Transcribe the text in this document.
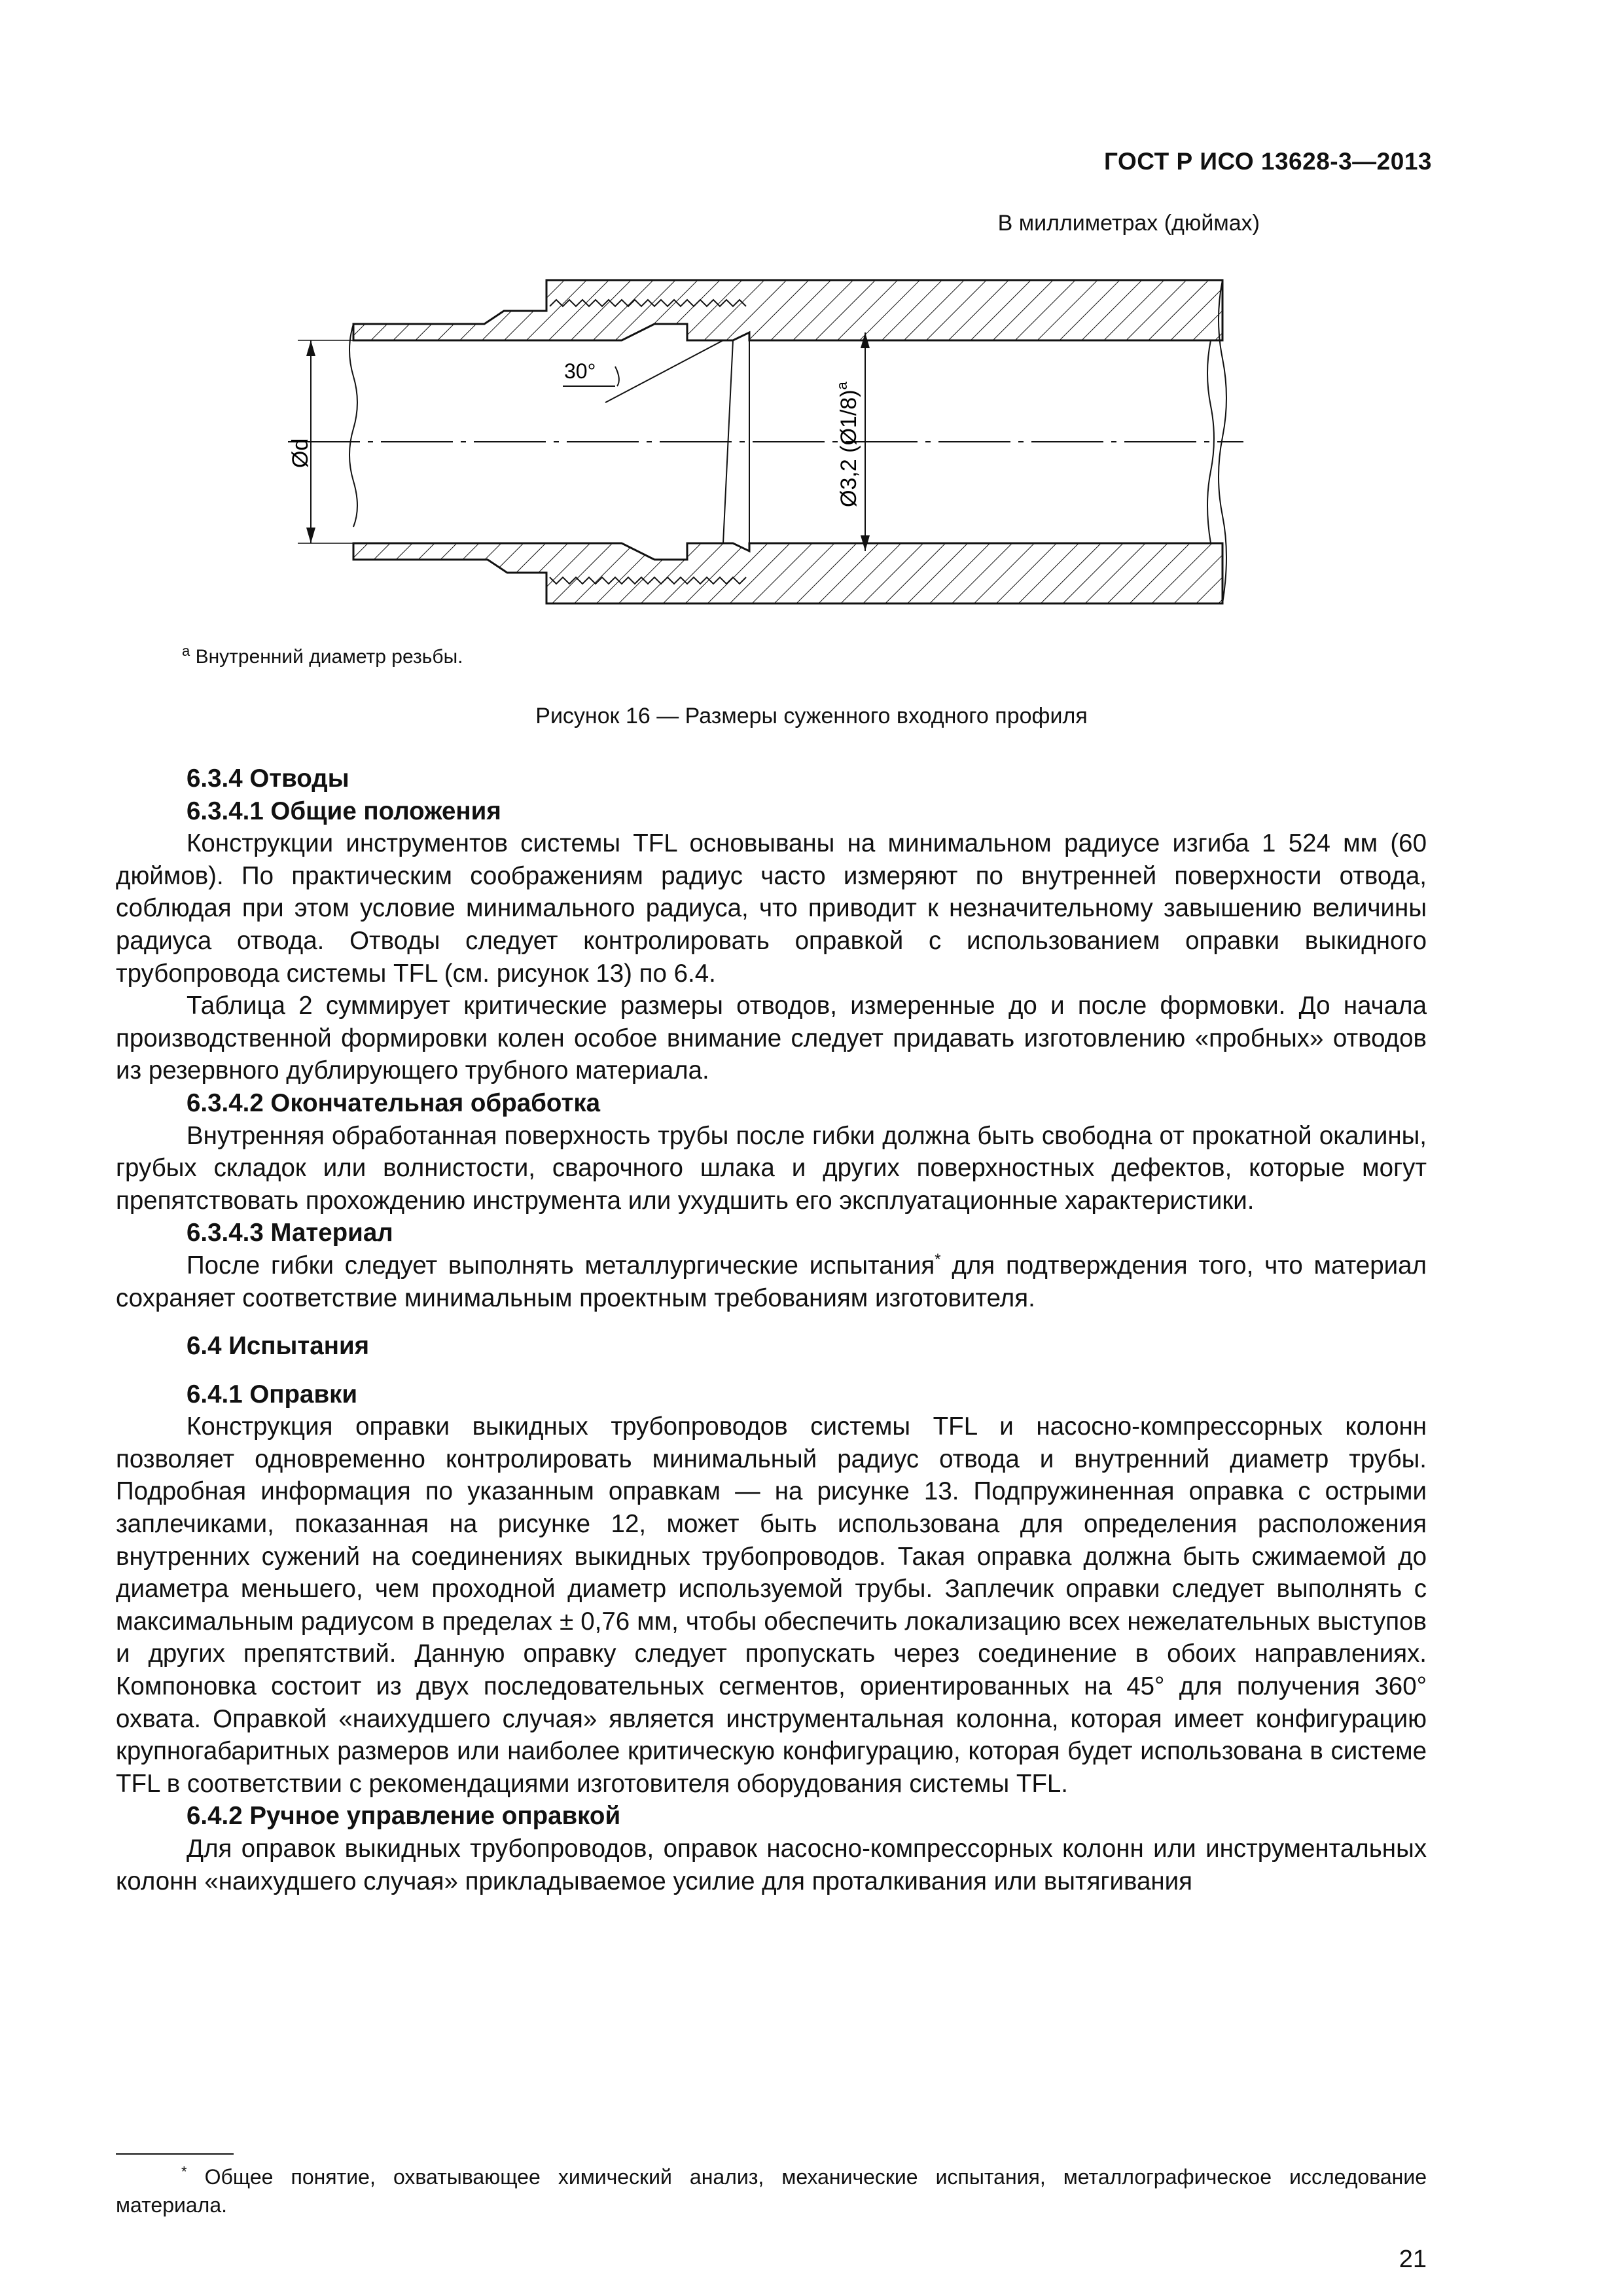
ГОСТ Р ИСО 13628-3—2013
В миллиметрах (дюймах)
Ød	Ø3,2 (Ø1/8)$^a$
30°
$^a$ Внутренний диаметр резьбы.
Рисунок 16 — Размеры суженного входного профиля
6.3.4 Отводы
6.3.4.1 Общие положения

Конструкции инструментов системы TFL основываны на минимальном радиусе изгиба 1 524 мм (60 дюймов). По практическим соображениям радиус часто измеряют по внутренней поверхности отвода, соблюдая при этом условие минимального радиуса, что приводит к незначительному завышению величины радиуса отвода. Отводы следует контролировать оправкой с использованием оправки выкидного трубопровода системы TFL (см. рисунок 13) по 6.4.

Таблица 2 суммирует критические размеры отводов, измеренные до и после формовки. До начала производственной формировки колен особое внимание следует придавать изготовлению «пробных» отводов из резервного дублирующего трубного материала.

6.3.4.2 Окончательная обработка

Внутренняя обработанная поверхность трубы после гибки должна быть свободна от прокатной окалины, грубых складок или волнистости, сварочного шлака и других поверхностных дефектов, которые могут препятствовать прохождению инструмента или ухудшить его эксплуатационные характеристики.

6.3.4.3 Материал

После гибки следует выполнять металлургические испытания* для подтверждения того, что материал сохраняет соответствие минимальным проектным требованиям изготовителя.

6.4 Испытания
6.4.1 Оправки

Конструкция оправки выкидных трубопроводов системы TFL и насосно-компрессорных колонн позволяет одновременно контролировать минимальный радиус отвода и внутренний диаметр трубы. Подробная информация по указанным оправкам — на рисунке 13. Подпружиненная оправка с острыми заплечиками, показанная на рисунке 12, может быть использована для определения расположения внутренних сужений на соединениях выкидных трубопроводов. Такая оправка должна быть сжимаемой до диаметра меньшего, чем проходной диаметр используемой трубы. Заплечик оправки следует выполнять с максимальным радиусом в пределах ± 0,76 мм, чтобы обеспечить локализацию всех нежелательных выступов и других препятствий. Данную оправку следует пропускать через соединение в обоих направлениях. Компоновка состоит из двух последовательных сегментов, ориентированных на 45° для получения 360° охвата. Оправкой «наихудшего случая» является инструментальная колонна, которая имеет конфигурацию крупногабаритных размеров или наиболее критическую конфигурацию, которая будет использована в системе TFL в соответствии с рекомендациями изготовителя оборудования системы TFL.

6.4.2 Ручное управление оправкой

Для оправок выкидных трубопроводов, оправок насосно-компрессорных колонн или инструментальных колонн «наихудшего случая» прикладываемое усилие для проталкивания или вытягивания

* Общее понятие, охватывающее химический анализ, механические испытания, металлографическое исследование материала.

21
